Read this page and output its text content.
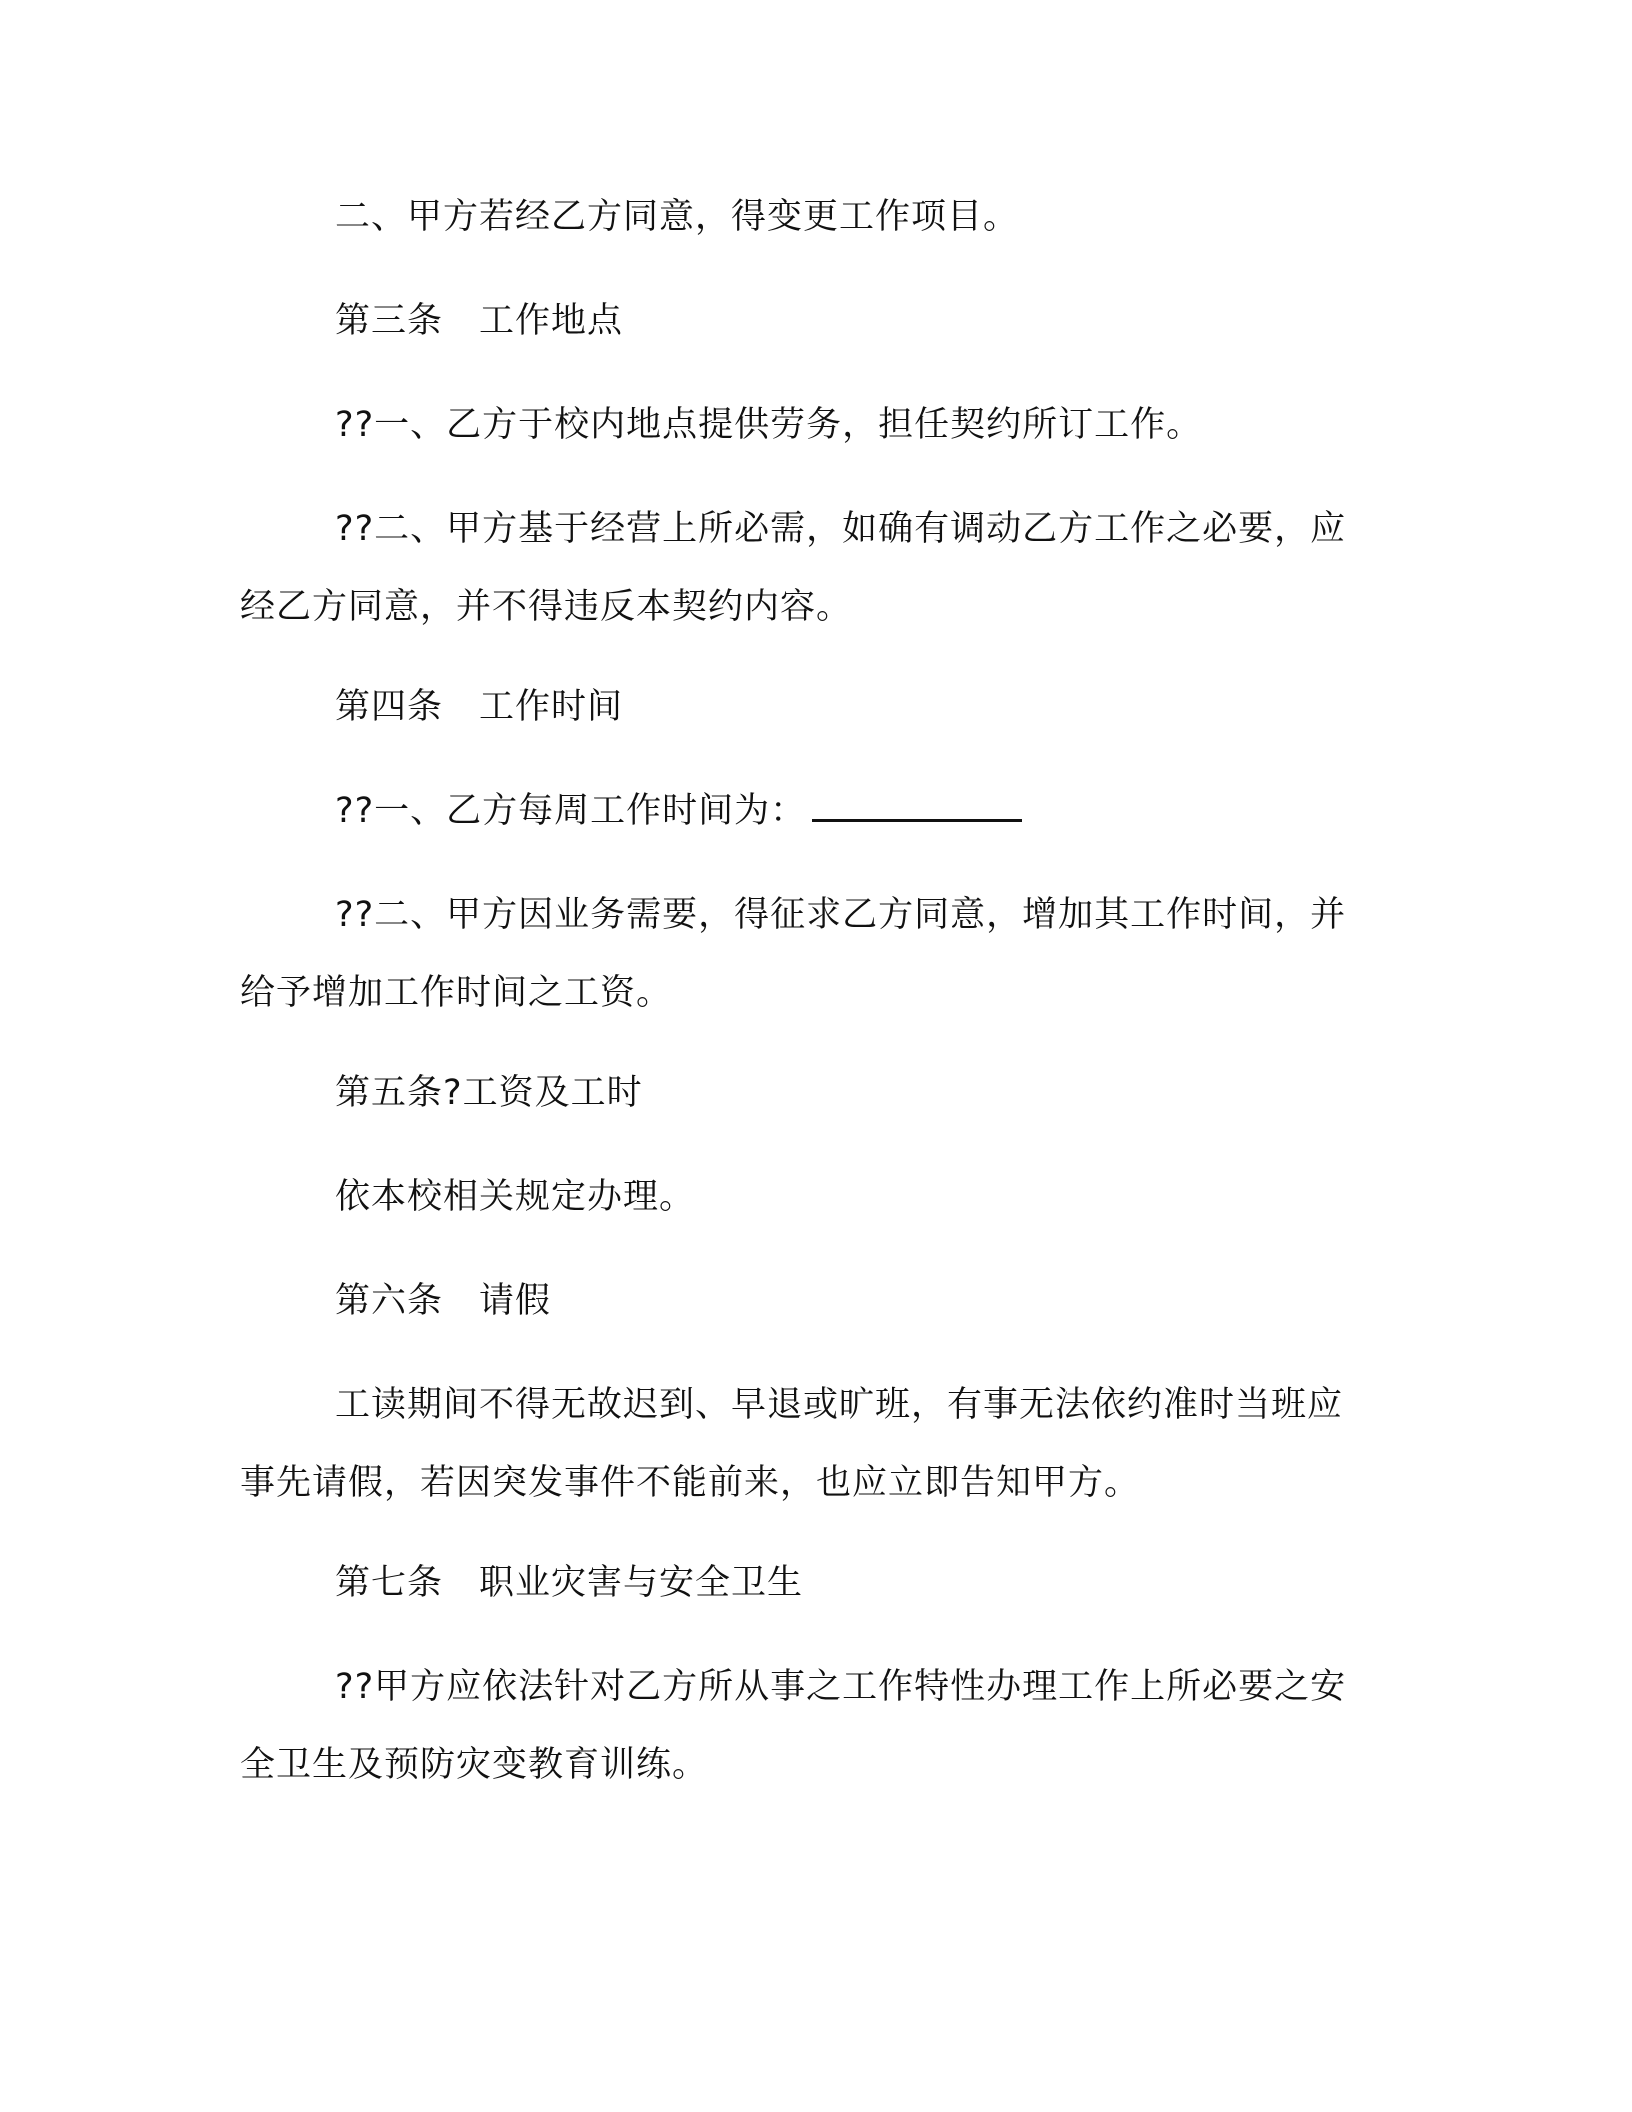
二、甲方若经乙方同意，得变更工作项目。

第三条　工作地点

??一、乙方于校内地点提供劳务，担任契约所订工作。

??二、甲方基于经营上所必需，如确有调动乙方工作之必要，应
经乙方同意，并不得违反本契约内容。

第四条　工作时间

??一、乙方每周工作时间为：

??二、甲方因业务需要，得征求乙方同意，增加其工作时间，并
给予增加工作时间之工资。

第五条?工资及工时

依本校相关规定办理。

第六条　请假

工读期间不得无故迟到、早退或旷班，有事无法依约准时当班应
事先请假，若因突发事件不能前来，也应立即告知甲方。

第七条　职业灾害与安全卫生

??甲方应依法针对乙方所从事之工作特性办理工作上所必要之安
全卫生及预防灾变教育训练。
